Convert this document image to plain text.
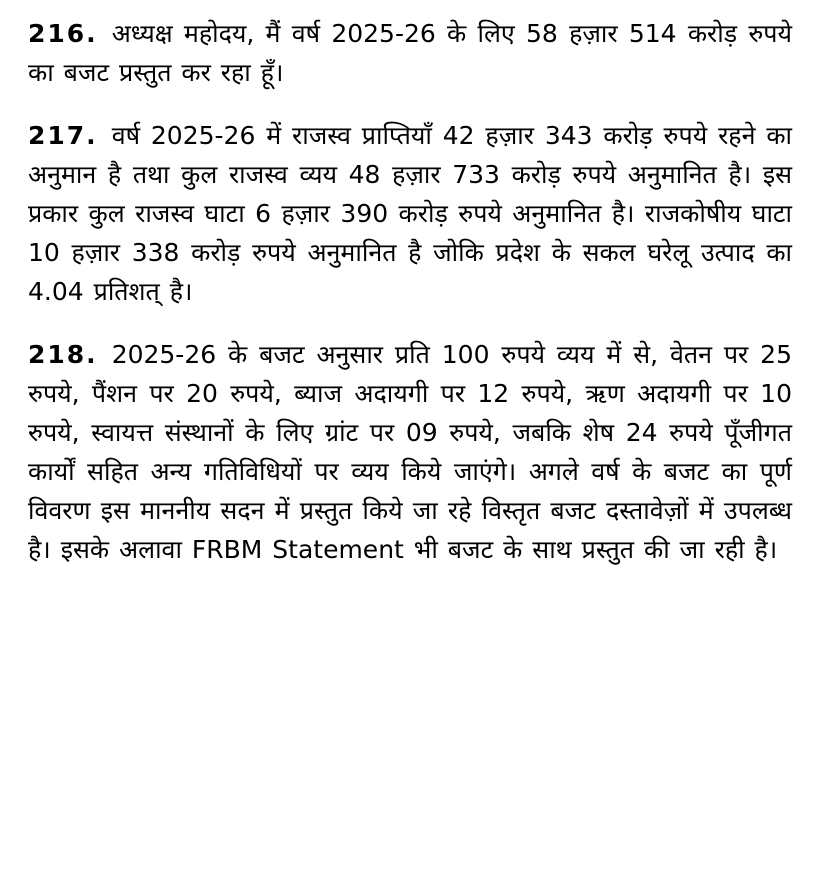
216. अध्यक्ष महोदय, मैं वर्ष 2025-26 के लिए 58 हज़ार 514 करोड़ रुपये का बजट प्रस्तुत कर रहा हूँ।

217. वर्ष 2025-26 में राजस्व प्राप्तियाँ 42 हज़ार 343 करोड़ रुपये रहने का अनुमान है तथा कुल राजस्व व्यय 48 हज़ार 733 करोड़ रुपये अनुमानित है। इस प्रकार कुल राजस्व घाटा 6 हज़ार 390 करोड़ रुपये अनुमानित है। राजकोषीय घाटा 10 हज़ार 338 करोड़ रुपये अनुमानित है जोकि प्रदेश के सकल घरेलू उत्पाद का 4.04 प्रतिशत् है।

218. 2025-26 के बजट अनुसार प्रति 100 रुपये व्यय में से, वेतन पर 25 रुपये, पैंशन पर 20 रुपये, ब्याज अदायगी पर 12 रुपये, ऋण अदायगी पर 10 रुपये, स्वायत्त संस्थानों के लिए ग्रांट पर 09 रुपये, जबकि शेष 24 रुपये पूँजीगत कार्यों सहित अन्य गतिविधियों पर व्यय किये जाएंगे। अगले वर्ष के बजट का पूर्ण विवरण इस माननीय सदन में प्रस्तुत किये जा रहे विस्तृत बजट दस्तावेज़ों में उपलब्ध है। इसके अलावा FRBM Statement भी बजट के साथ प्रस्तुत की जा रही है।
